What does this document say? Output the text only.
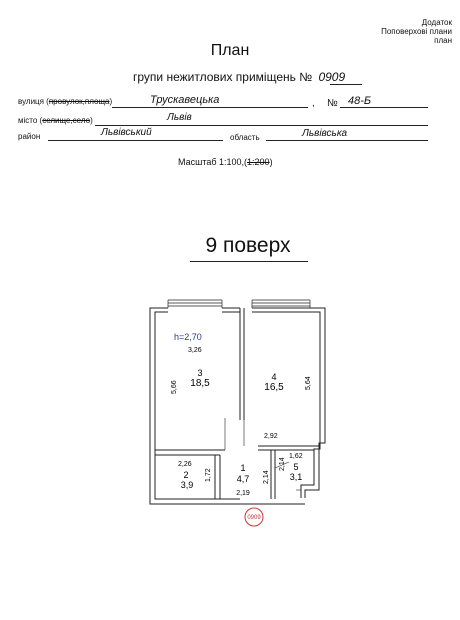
Додаток
Поповерхові плани
план
План
групи нежитлових приміщень № 0909
вулиця (провулок,площа)	Трускавецька	, № 48-Б
місто (селище,село)	Львів
район	Львівський	область	Львівська
Масштаб 1:100,(1:200)
9 поверх
0909
h=2,70
3,26
3
18,5
5,66
4
16,5
2,92
5,64
2,26
2
3,9
1,72
1
4,7
2,19
2,14
1,62
5
3,1
2,14
